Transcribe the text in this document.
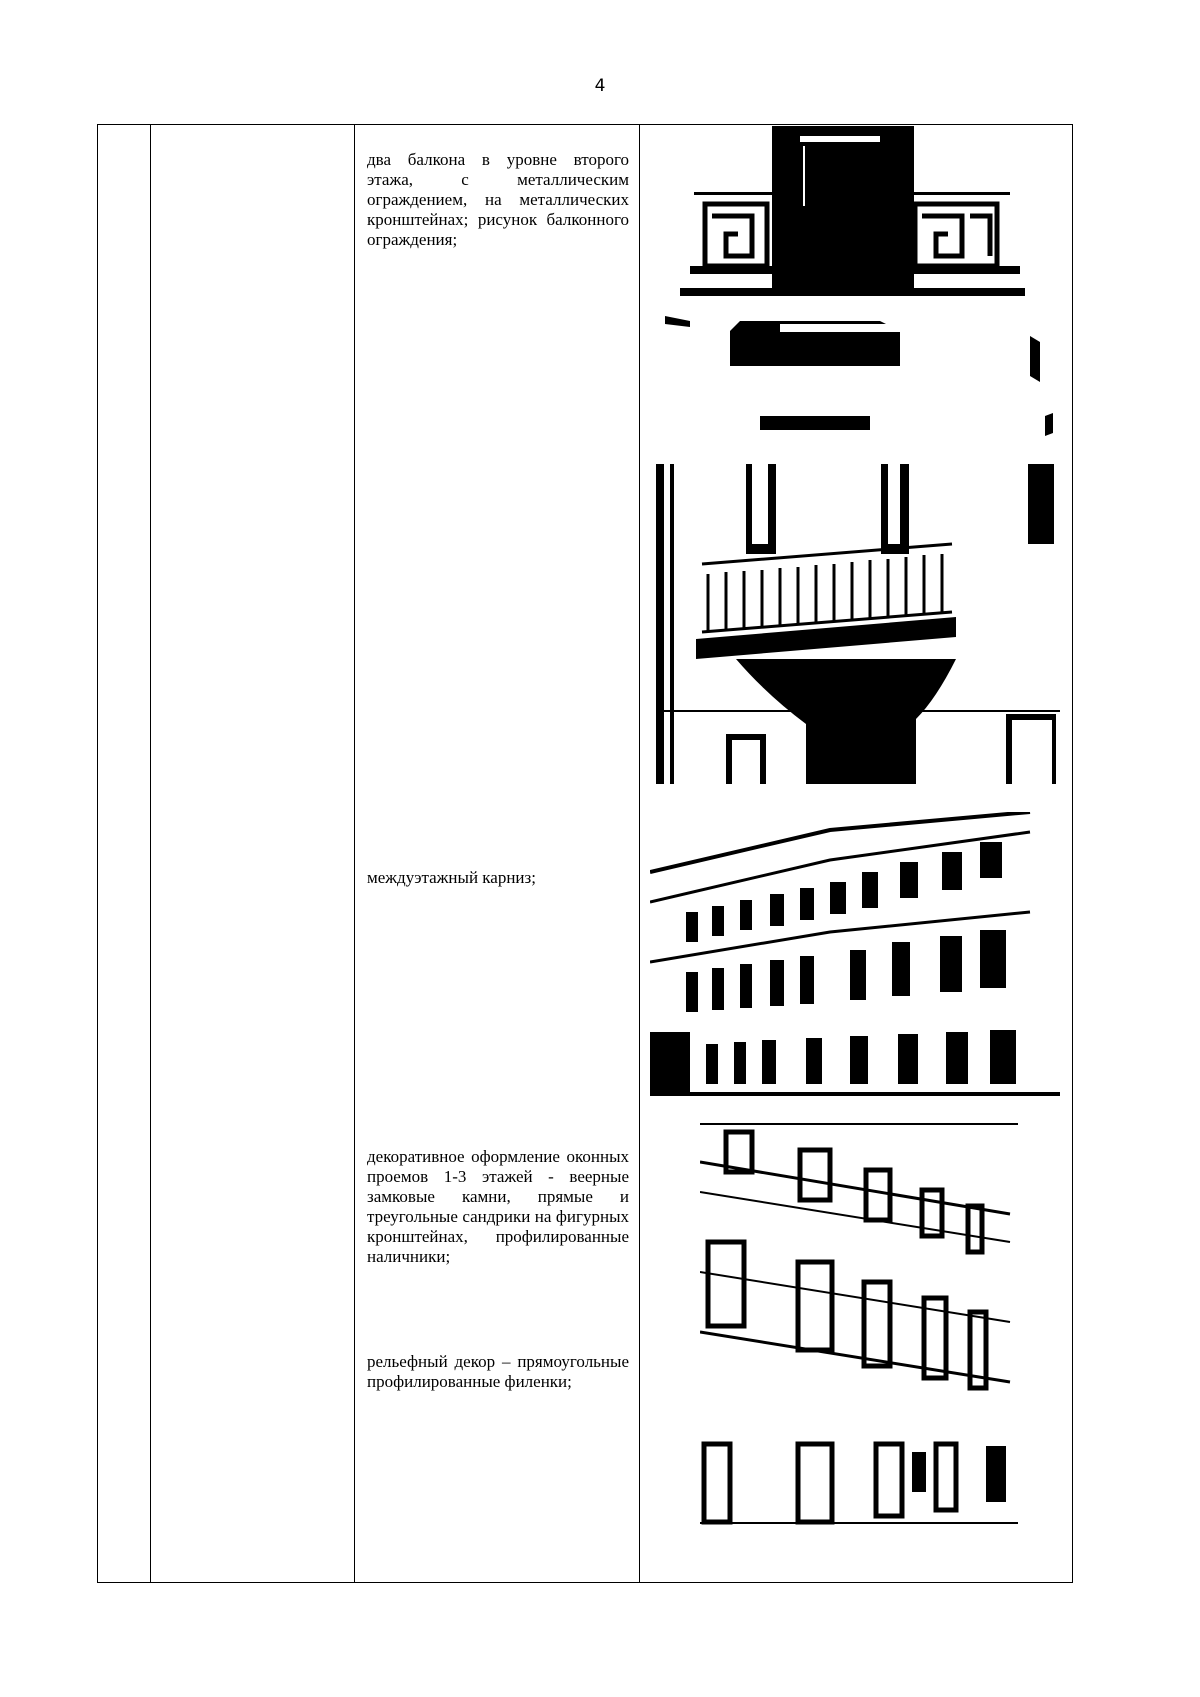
4

два балкона в уровне второго этажа, с металлическим ограждением, на металлических кронштейнах; рисунок балконного ограждения;

междуэтажный карниз;

декоративное оформление оконных проемов 1-3 этажей - веерные замковые камни, прямые и треугольные сандрики на фигурных кронштейнах, профилированные наличники;

рельефный декор – прямоугольные профилированные филенки;
